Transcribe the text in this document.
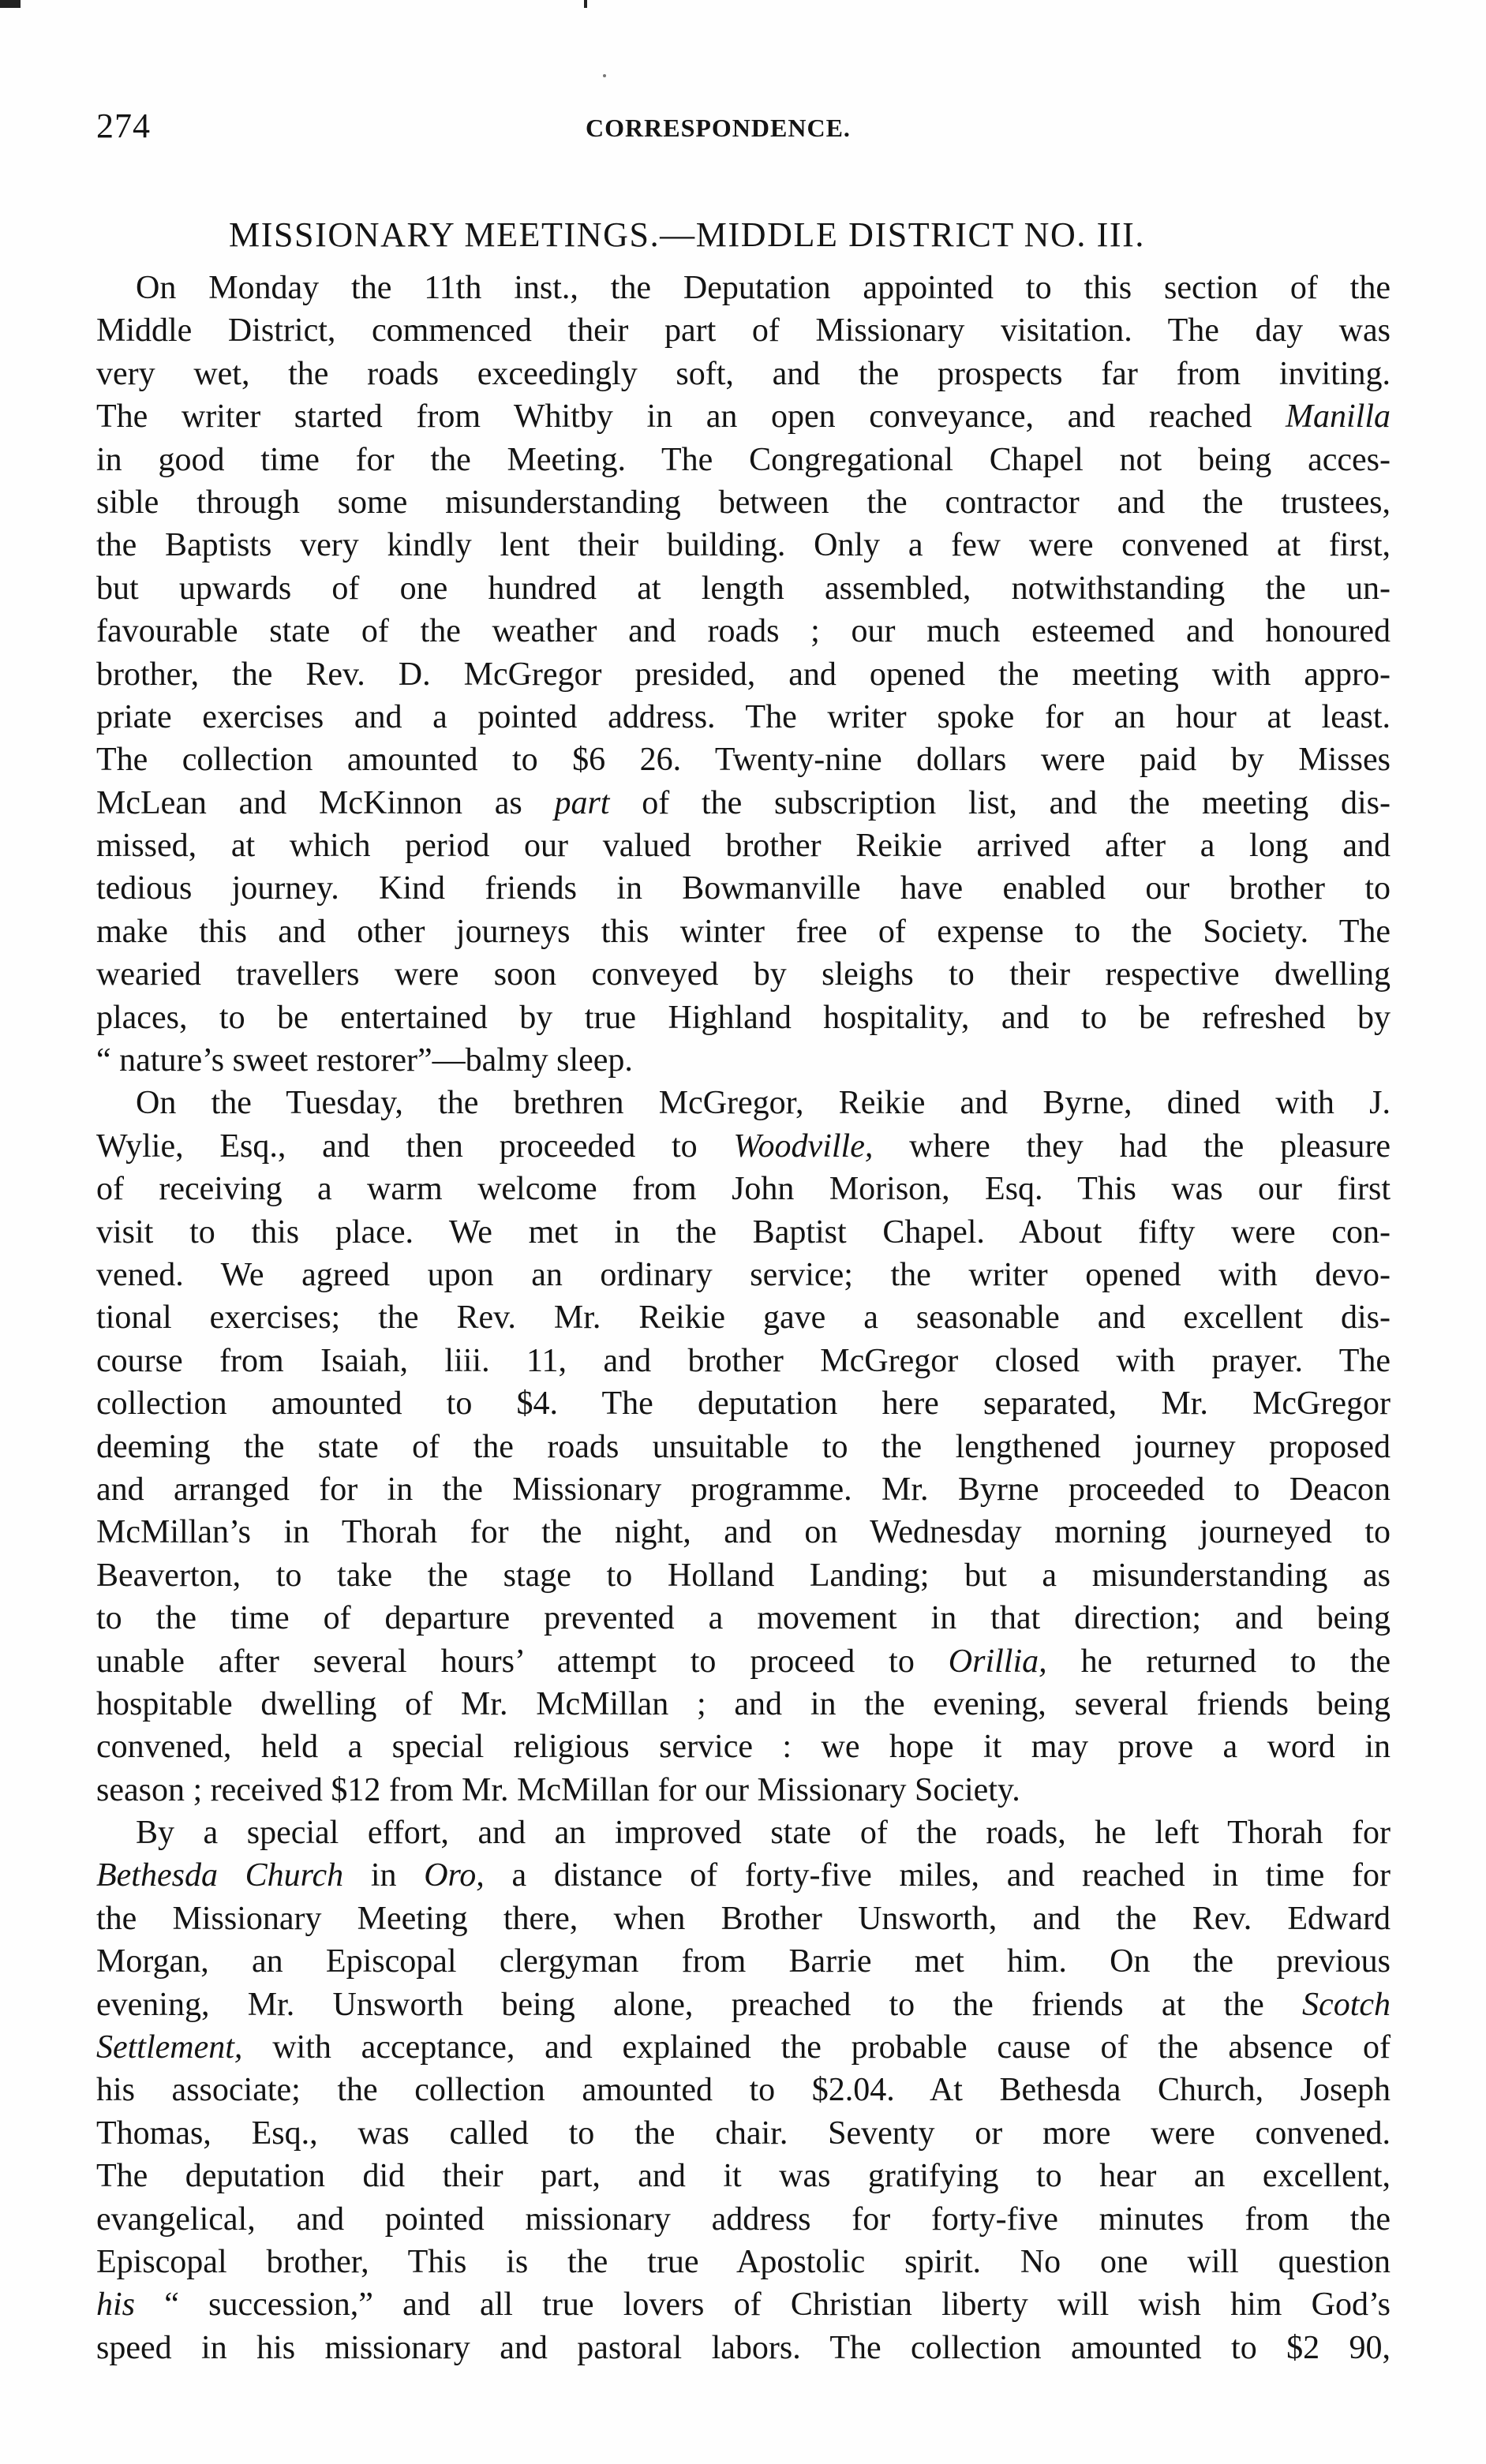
274	CORRESPONDENCE.
MISSIONARY MEETINGS.—MIDDLE DISTRICT NO. III.
On Monday the 11th inst., the Deputation appointed to this section of the
Middle District, commenced their part of Missionary visitation. The day was
very wet, the roads exceedingly soft, and the prospects far from inviting.
The writer started from Whitby in an open conveyance, and reached Manilla
in good time for the Meeting. The Congregational Chapel not being acces-
sible through some misunderstanding between the contractor and the trustees,
the Baptists very kindly lent their building. Only a few were convened at first,
but upwards of one hundred at length assembled, notwithstanding the un-
favourable state of the weather and roads ; our much esteemed and honoured
brother, the Rev. D. McGregor presided, and opened the meeting with appro-
priate exercises and a pointed address. The writer spoke for an hour at least.
The collection amounted to $6 26. Twenty-nine dollars were paid by Misses
McLean and McKinnon as part of the subscription list, and the meeting dis-
missed, at which period our valued brother Reikie arrived after a long and
tedious journey. Kind friends in Bowmanville have enabled our brother to
make this and other journeys this winter free of expense to the Society. The
wearied travellers were soon conveyed by sleighs to their respective dwelling
places, to be entertained by true Highland hospitality, and to be refreshed by
“ nature’s sweet restorer”—balmy sleep.
On the Tuesday, the brethren McGregor, Reikie and Byrne, dined with J.
Wylie, Esq., and then proceeded to Woodville, where they had the pleasure
of receiving a warm welcome from John Morison, Esq. This was our first
visit to this place. We met in the Baptist Chapel. About fifty were con-
vened. We agreed upon an ordinary service; the writer opened with devo-
tional exercises; the Rev. Mr. Reikie gave a seasonable and excellent dis-
course from Isaiah, liii. 11, and brother McGregor closed with prayer. The
collection amounted to $4. The deputation here separated, Mr. McGregor
deeming the state of the roads unsuitable to the lengthened journey proposed
and arranged for in the Missionary programme. Mr. Byrne proceeded to Deacon
McMillan’s in Thorah for the night, and on Wednesday morning journeyed to
Beaverton, to take the stage to Holland Landing; but a misunderstanding as
to the time of departure prevented a movement in that direction; and being
unable after several hours’ attempt to proceed to Orillia, he returned to the
hospitable dwelling of Mr. McMillan ; and in the evening, several friends being
convened, held a special religious service : we hope it may prove a word in
season ; received $12 from Mr. McMillan for our Missionary Society.
By a special effort, and an improved state of the roads, he left Thorah for
Bethesda Church in Oro, a distance of forty-five miles, and reached in time for
the Missionary Meeting there, when Brother Unsworth, and the Rev. Edward
Morgan, an Episcopal clergyman from Barrie met him. On the previous
evening, Mr. Unsworth being alone, preached to the friends at the Scotch
Settlement, with acceptance, and explained the probable cause of the absence of
his associate; the collection amounted to $2.04. At Bethesda Church, Joseph
Thomas, Esq., was called to the chair. Seventy or more were convened.
The deputation did their part, and it was gratifying to hear an excellent,
evangelical, and pointed missionary address for forty-five minutes from the
Episcopal brother, This is the true Apostolic spirit. No one will question
his “ succession,” and all true lovers of Christian liberty will wish him God’s
speed in his missionary and pastoral labors. The collection amounted to $2 90,
